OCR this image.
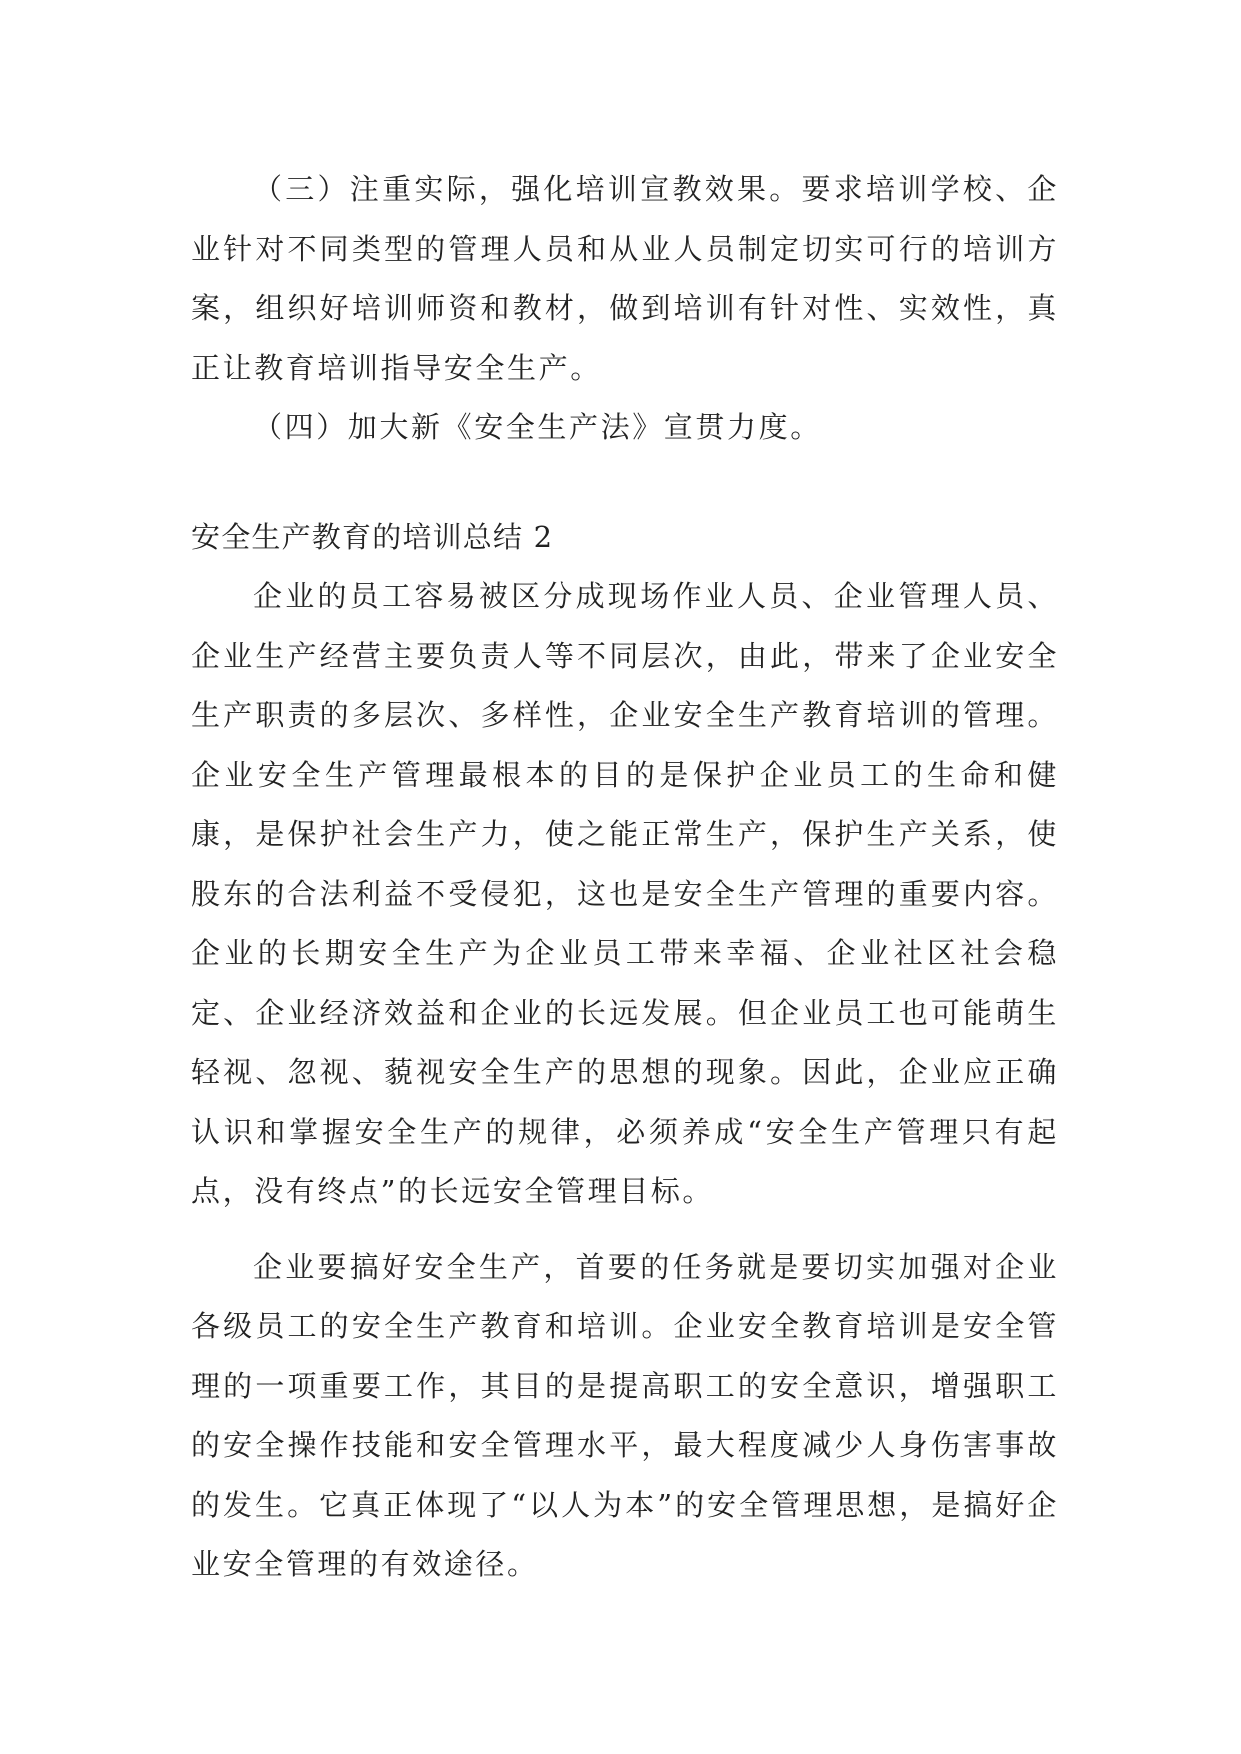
（三）注重实际，强化培训宣教效果。要求培训学校、企业针对不同类型的管理人员和从业人员制定切实可行的培训方案，组织好培训师资和教材，做到培训有针对性、实效性，真正让教育培训指导安全生产。

（四）加大新《安全生产法》宣贯力度。

安全生产教育的培训总结 2

企业的员工容易被区分成现场作业人员、企业管理人员、企业生产经营主要负责人等不同层次，由此，带来了企业安全生产职责的多层次、多样性，企业安全生产教育培训的管理。企业安全生产管理最根本的目的是保护企业员工的生命和健康，是保护社会生产力，使之能正常生产，保护生产关系，使股东的合法利益不受侵犯，这也是安全生产管理的重要内容。企业的长期安全生产为企业员工带来幸福、企业社区社会稳定、企业经济效益和企业的长远发展。但企业员工也可能萌生轻视、忽视、藐视安全生产的思想的现象。因此，企业应正确认识和掌握安全生产的规律，必须养成“安全生产管理只有起点，没有终点”的长远安全管理目标。

企业要搞好安全生产，首要的任务就是要切实加强对企业各级员工的安全生产教育和培训。企业安全教育培训是安全管理的一项重要工作，其目的是提高职工的安全意识，增强职工的安全操作技能和安全管理水平，最大程度减少人身伤害事故的发生。它真正体现了“以人为本”的安全管理思想，是搞好企业安全管理的有效途径。
